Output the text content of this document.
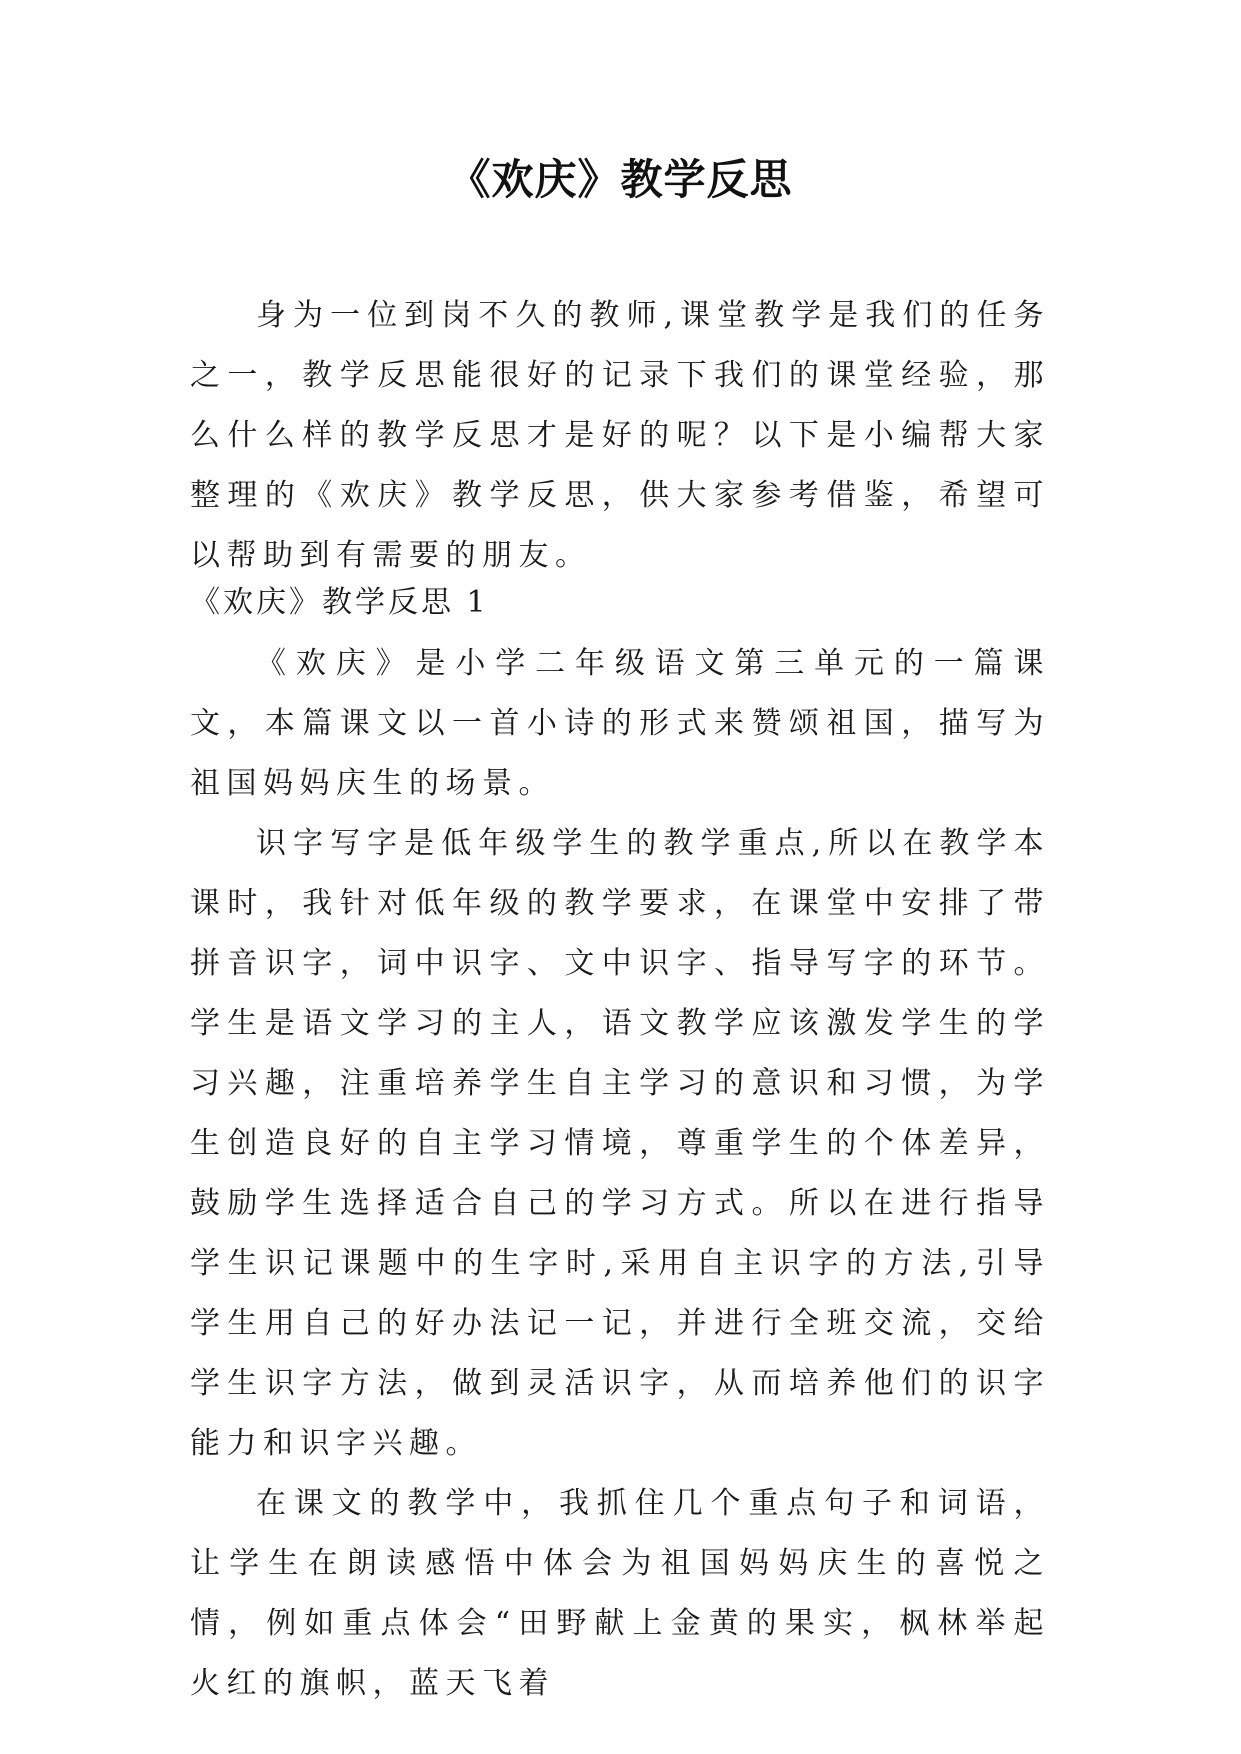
《欢庆》教学反思
身为一位到岗不久的教师,课堂教学是我们的任务之一，教学反思能很好的记录下我们的课堂经验，那么什么样的教学反思才是好的呢？以下是小编帮大家整理的《欢庆》教学反思，供大家参考借鉴，希望可以帮助到有需要的朋友。
《欢庆》教学反思 1

《欢庆》是小学二年级语文第三单元的一篇课文，本篇课文以一首小诗的形式来赞颂祖国，描写为祖国妈妈庆生的场景。

识字写字是低年级学生的教学重点,所以在教学本课时，我针对低年级的教学要求，在课堂中安排了带拼音识字，词中识字、文中识字、指导写字的环节。学生是语文学习的主人，语文教学应该激发学生的学习兴趣，注重培养学生自主学习的意识和习惯，为学生创造良好的自主学习情境，尊重学生的个体差异，鼓励学生选择适合自己的学习方式。所以在进行指导学生识记课题中的生字时,采用自主识字的方法,引导学生用自己的好办法记一记，并进行全班交流，交给学生识字方法，做到灵活识字，从而培养他们的识字能力和识字兴趣。

在课文的教学中，我抓住几个重点句子和词语，让学生在朗读感悟中体会为祖国妈妈庆生的喜悦之情，例如重点体会“田野献上金黄的果实，枫林举起火红的旗帜，蓝天飞着
